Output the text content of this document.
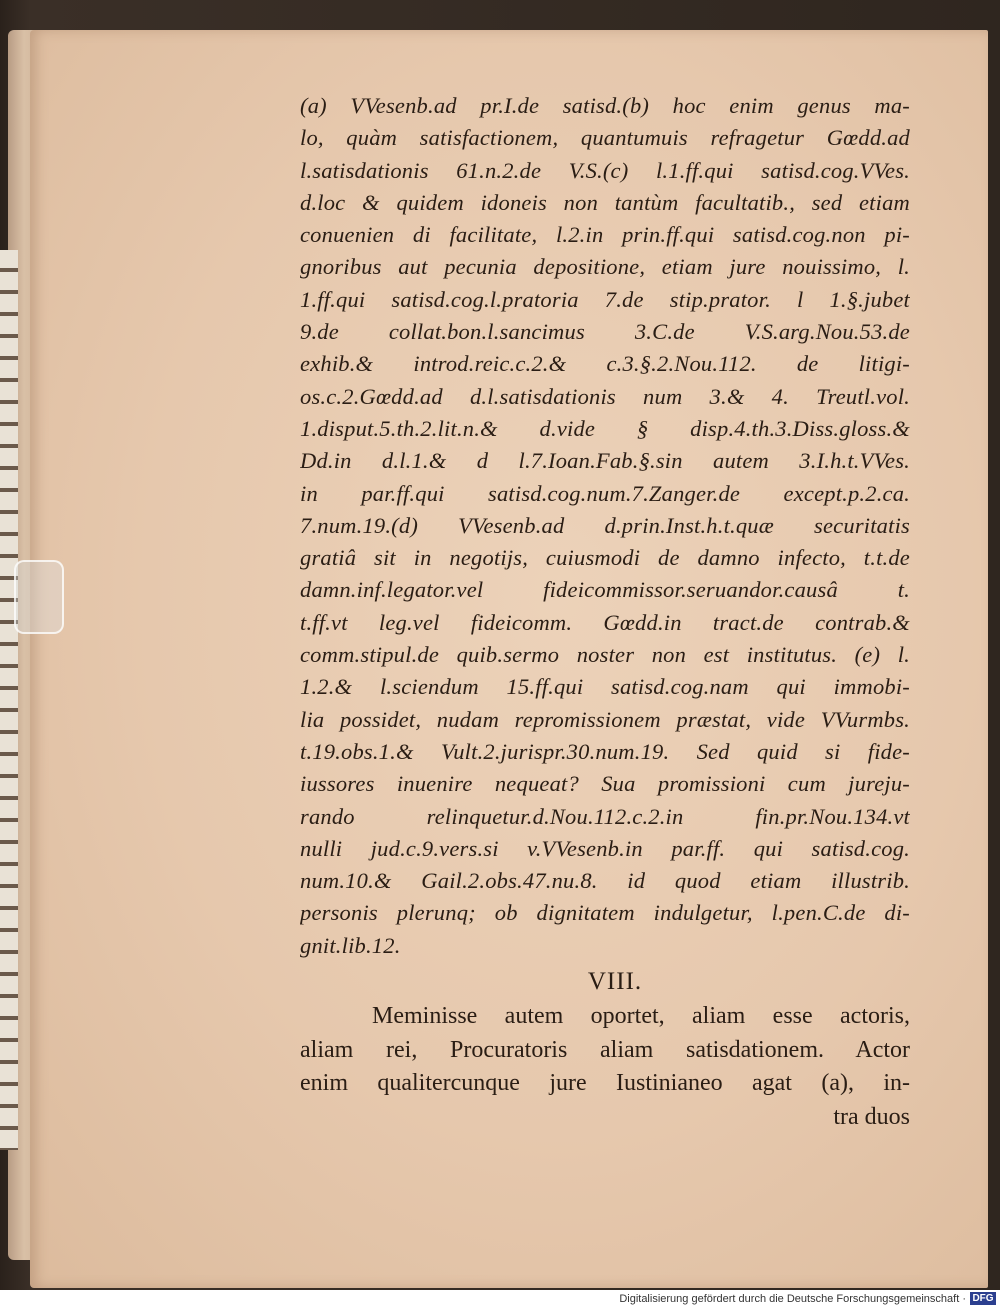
(a) VVesenb.ad pr.I.de satisd.(b) hoc enim genus ma-
lo, quàm satisfactionem, quantumuis refragetur Gœdd.ad
l.satisdationis 61.n.2.de V.S.(c) l.1.ff.qui satisd.cog.VVes.
d.loc & quidem idoneis non tantùm facultatib., sed etiam
conuenien di facilitate, l.2.in prin.ff.qui satisd.cog.non pi-
gnoribus aut pecunia depositione, etiam jure nouissimo, l.
1.ff.qui satisd.cog.l.pratoria 7.de stip.prator. l 1.§.jubet
9.de collat.bon.l.sancimus 3.C.de V.S.arg.Nou.53.de
exhib.& introd.reic.c.2.& c.3.§.2.Nou.112. de litigi-
os.c.2.Gœdd.ad d.l.satisdationis num 3.& 4. Treutl.vol.
1.disput.5.th.2.lit.n.& d.vide § disp.4.th.3.Diss.gloss.&
Dd.in d.l.1.& d l.7.Ioan.Fab.§.sin autem 3.I.h.t.VVes.
in par.ff.qui satisd.cog.num.7.Zanger.de except.p.2.ca.
7.num.19.(d) VVesenb.ad d.prin.Inst.h.t.quæ securitatis
gratiâ sit in negotijs, cuiusmodi de damno infecto, t.t.de
damn.inf.legator.vel fideicommissor.seruandor.causâ t.
t.ff.vt leg.vel fideicomm. Gœdd.in tract.de contrab.&
comm.stipul.de quib.sermo noster non est institutus. (e) l.
1.2.& l.sciendum 15.ff.qui satisd.cog.nam qui immobi-
lia possidet, nudam repromissionem præstat, vide VVurmbs.
t.19.obs.1.& Vult.2.jurispr.30.num.19. Sed quid si fide-
iussores inuenire nequeat? Sua promissioni cum jureju-
rando relinquetur.d.Nou.112.c.2.in fin.pr.Nou.134.vt
nulli jud.c.9.vers.si v.VVesenb.in par.ff. qui satisd.cog.
num.10.& Gail.2.obs.47.nu.8. id quod etiam illustrib.
personis plerunq; ob dignitatem indulgetur, l.pen.C.de di-
gnit.lib.12.
VIII.
Meminisse autem oportet, aliam esse actoris,
aliam rei, Procuratoris aliam satisdationem. Actor
enim qualitercunque jure Iustinianeo agat (a), in-
tra duos
Digitalisierung gefördert durch die Deutsche Forschungsgemeinschaft · DFG
